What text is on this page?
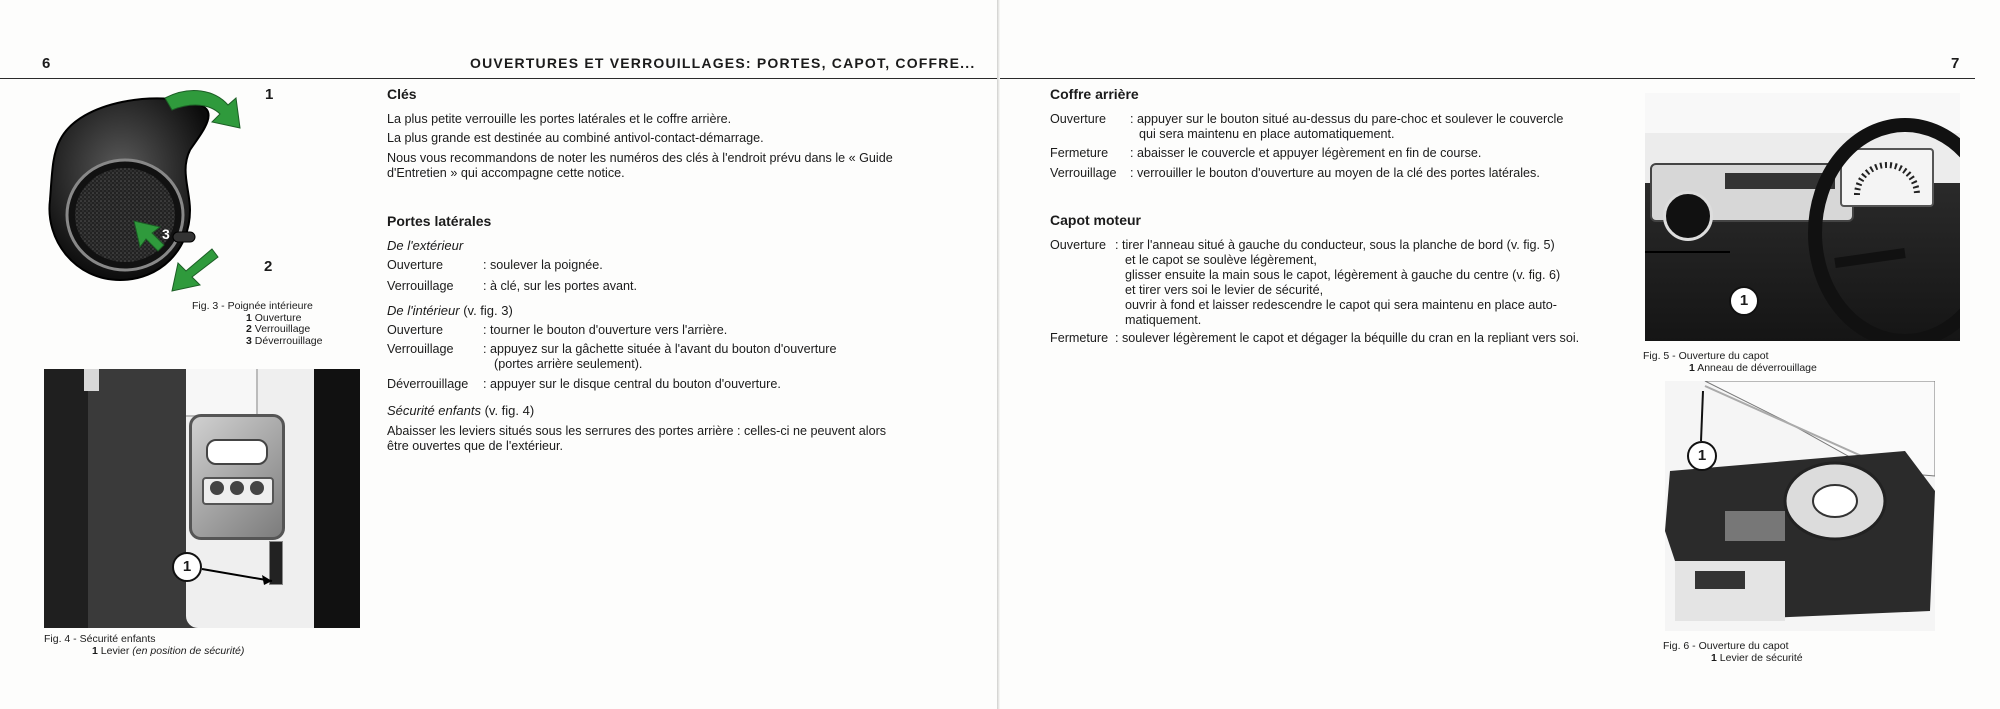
6	OUVERTURES ET VERROUILLAGES: PORTES, CAPOT, COFFRE...
1
2
3
Fig. 3 - Poignée intérieure
1 Ouverture
2 Verrouillage
3 Déverrouillage
1
Fig. 4 - Sécurité enfants
1 Levier (en position de sécurité)
Clés
La plus petite verrouille les portes latérales et le coffre arrière.
La plus grande est destinée au combiné antivol-contact-démarrage.
Nous vous recommandons de noter les numéros des clés à l'endroit prévu dans le « Guide
d'Entretien » qui accompagne cette notice.
Portes latérales
De l'extérieur
Ouverture	: soulever la poignée.
Verrouillage	: à clé, sur les portes avant.
De l'intérieur (v. fig. 3)
Ouverture	: tourner le bouton d'ouverture vers l'arrière.
Verrouillage	: appuyez sur la gâchette située à l'avant du bouton d'ouverture
(portes arrière seulement).
Déverrouillage	: appuyer sur le disque central du bouton d'ouverture.
Sécurité enfants (v. fig. 4)
Abaisser les leviers situés sous les serrures des portes arrière : celles-ci ne peuvent alors
être ouvertes que de l'extérieur.
7
Coffre arrière
Ouverture	: appuyer sur le bouton situé au-dessus du pare-choc et soulever le couvercle
qui sera maintenu en place automatiquement.
Fermeture	: abaisser le couvercle et appuyer légèrement en fin de course.
Verrouillage	: verrouiller le bouton d'ouverture au moyen de la clé des portes latérales.
Capot moteur
Ouverture : tirer l'anneau situé à gauche du conducteur, sous la planche de bord (v. fig. 5)
et le capot se soulève légèrement,
glisser ensuite la main sous le capot, légèrement à gauche du centre (v. fig. 6)
et tirer vers soi le levier de sécurité,
ouvrir à fond et laisser redescendre le capot qui sera maintenu en place auto-
matiquement.
Fermeture : soulever légèrement le capot et dégager la béquille du cran en la repliant vers soi.
1
Fig. 5 - Ouverture du capot
1 Anneau de déverrouillage
1
Fig. 6 - Ouverture du capot
1 Levier de sécurité
